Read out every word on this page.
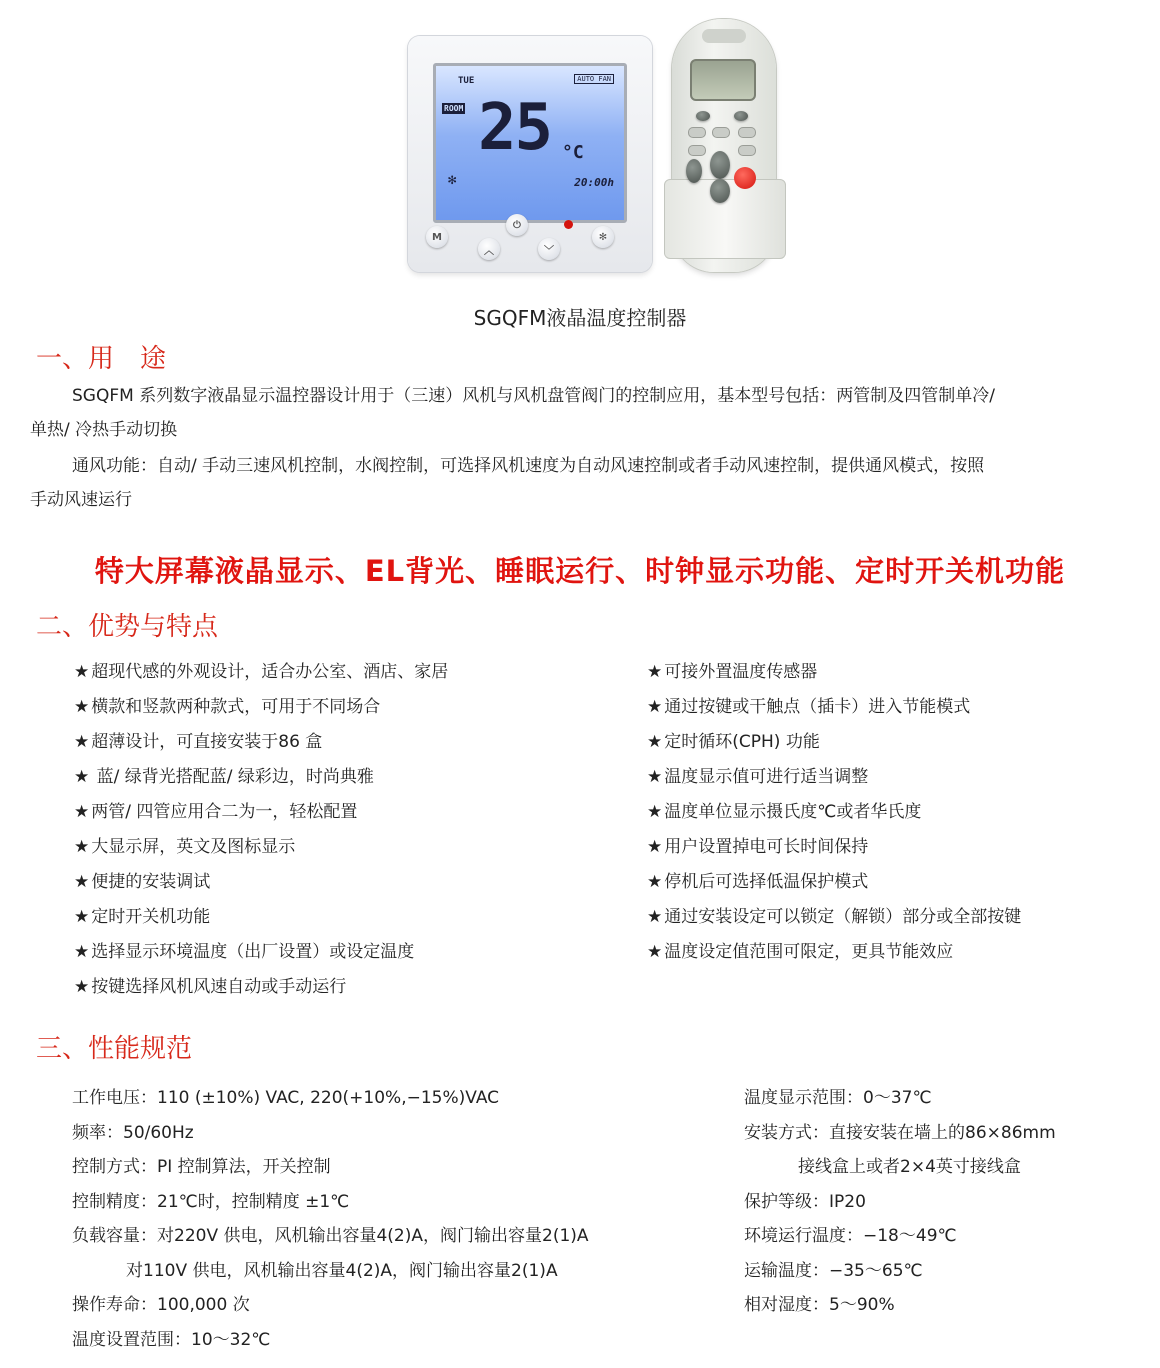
TUE	AUTO FAN
ROOM 25 °C
✻	20:00h
M
⏻
︿	﹀
✻
SGQFM液晶温度控制器
一、用　途
SGQFM 系列数字液晶显示温控器设计用于（三速）风机与风机盘管阀门的控制应用，基本型号包括：两管制及四管制单冷/
单热/ 冷热手动切换
通风功能：自动/ 手动三速风机控制，水阀控制，可选择风机速度为自动风速控制或者手动风速控制，提供通风模式，按照
手动风速运行
特大屏幕液晶显示、EL背光、睡眠运行、时钟显示功能、定时开关机功能
二、优势与特点
★ 超现代感的外观设计，适合办公室、酒店、家居
★ 横款和竖款两种款式，可用于不同场合
★ 超薄设计，可直接安装于86 盒
★ 蓝/ 绿背光搭配蓝/ 绿彩边，时尚典雅
★ 两管/ 四管应用合二为一，轻松配置
★ 大显示屏，英文及图标显示
★ 便捷的安装调试
★ 定时开关机功能
★ 选择显示环境温度（出厂设置）或设定温度
★ 按键选择风机风速自动或手动运行
★ 可接外置温度传感器
★ 通过按键或干触点（插卡）进入节能模式
★ 定时循环(CPH) 功能
★ 温度显示值可进行适当调整
★ 温度单位显示摄氏度℃或者华氏度
★ 用户设置掉电可长时间保持
★ 停机后可选择低温保护模式
★ 通过安装设定可以锁定（解锁）部分或全部按键
★ 温度设定值范围可限定，更具节能效应
三、性能规范
工作电压：110 (±10%) VAC, 220(+10%,−15%)VAC
频率：50/60Hz
控制方式：PI 控制算法，开关控制
控制精度：21℃时，控制精度 ±1℃
负载容量：对220V 供电，风机输出容量4(2)A，阀门输出容量2(1)A
对110V 供电，风机输出容量4(2)A，阀门输出容量2(1)A
操作寿命：100,000 次
温度设置范围：10～32℃
温度显示范围：0～37℃
安装方式：直接安装在墙上的86×86mm
接线盒上或者2×4英寸接线盒
保护等级：IP20
环境运行温度：−18～49℃
运输温度：−35～65℃
相对湿度：5～90%
